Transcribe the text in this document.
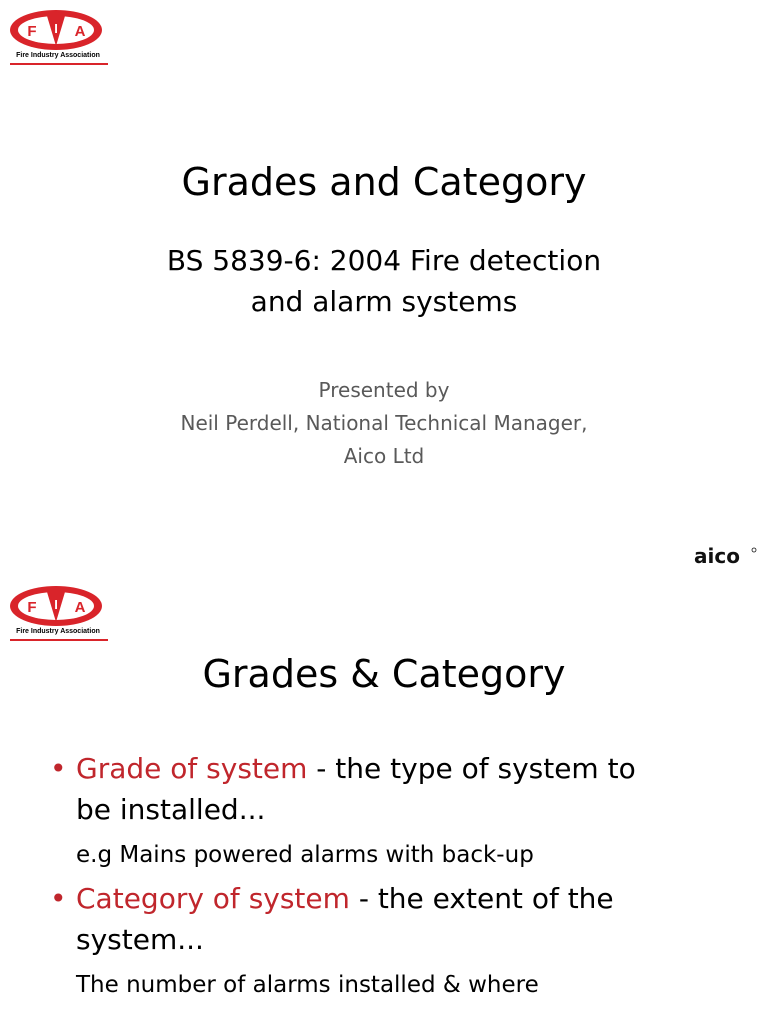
F I A
Fire Industry Association
Grades and Category
BS 5839-6: 2004 Fire detection
and alarm systems
Presented by
Neil Perdell, National Technical Manager,
Aico Ltd
aico
F I A
Fire Industry Association
Grades & Category
• Grade of system - the type of system to
be installed...
e.g Mains powered alarms with back-up
• Category of system - the extent of the
system...
The number of alarms installed & where
